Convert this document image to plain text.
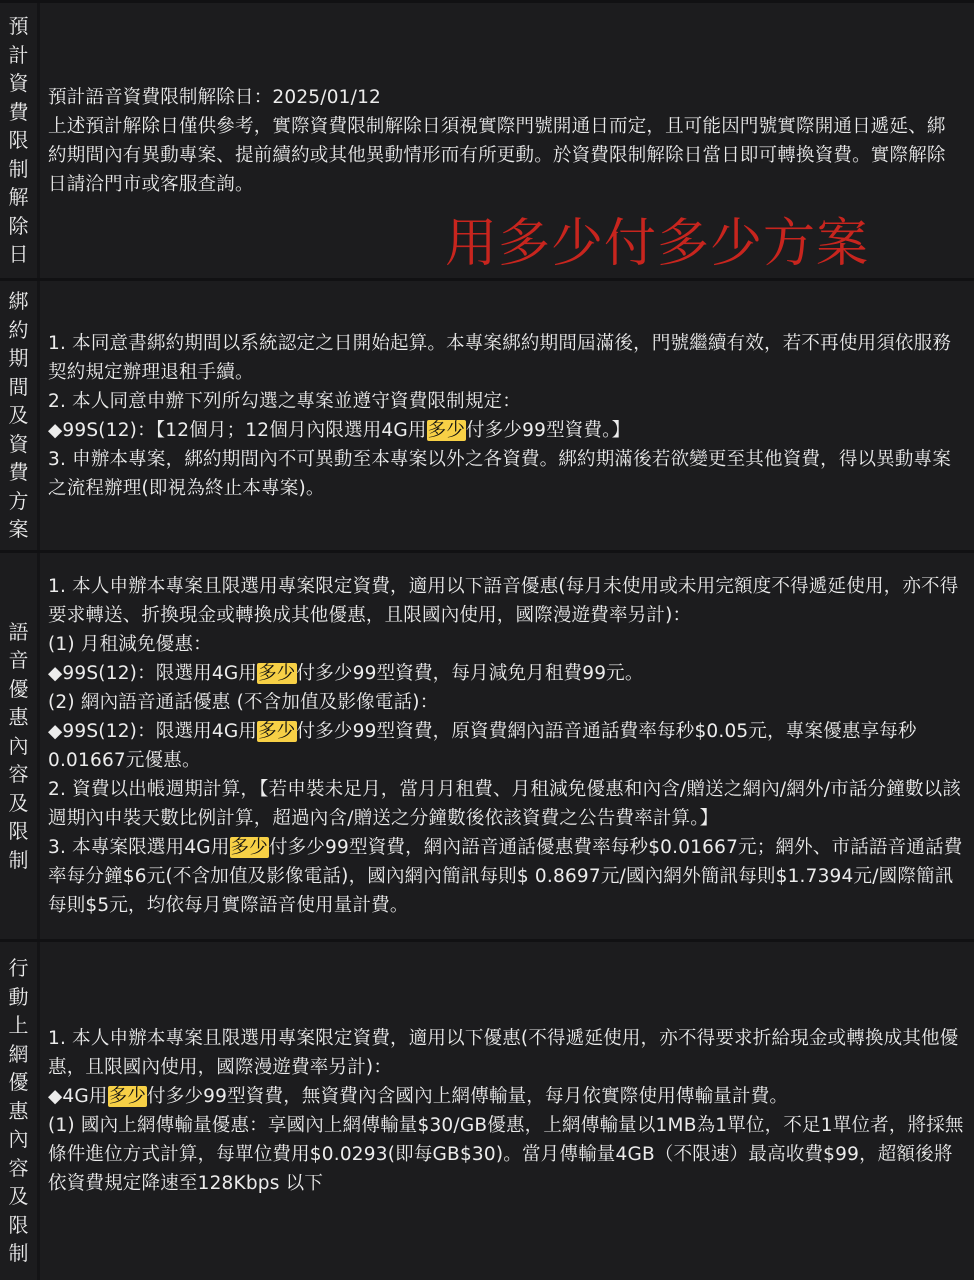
預
計
資
費
限
制
解
除
日

預計語音資費限制解除日：2025/01/12

上述預計解除日僅供參考，實際資費限制解除日須視實際門號開通日而定，且可能因門號實際開通日遞延、綁約期間內有異動專案、提前續約或其他異動情形而有所更動。於資費限制解除日當日即可轉換資費。實際解除日請洽門市或客服查詢。

綁
約
期
間
及
資
費
方
案

1. 本同意書綁約期間以系統認定之日開始起算。本專案綁約期間屆滿後，門號繼續有效，若不再使用須依服務契約規定辦理退租手續。

2. 本人同意申辦下列所勾選之專案並遵守資費限制規定：

◆99S(12)：【12個月；12個月內限選用4G用多少付多少99型資費。】

3. 申辦本專案，綁約期間內不可異動至本專案以外之各資費。綁約期滿後若欲變更至其他資費，得以異動專案之流程辦理(即視為終止本專案)。

語
音
優
惠
內
容
及
限
制

1. 本人申辦本專案且限選用專案限定資費，適用以下語音優惠(每月未使用或未用完額度不得遞延使用，亦不得要求轉送、折換現金或轉換成其他優惠，且限國內使用，國際漫遊費率另計)：

(1) 月租減免優惠：

◆99S(12)：限選用4G用多少付多少99型資費，每月減免月租費99元。

(2) 網內語音通話優惠 (不含加值及影像電話)：

◆99S(12)：限選用4G用多少付多少99型資費，原資費網內語音通話費率每秒$0.05元，專案優惠享每秒0.01667元優惠。

2. 資費以出帳週期計算，【若申裝未足月，當月月租費、月租減免優惠和內含/贈送之網內/網外/市話分鐘數以該週期內申裝天數比例計算，超過內含/贈送之分鐘數後依該資費之公告費率計算。】

3. 本專案限選用4G用多少付多少99型資費，網內語音通話優惠費率每秒$0.01667元；網外、市話語音通話費率每分鐘$6元(不含加值及影像電話)，國內網內簡訊每則$ 0.8697元/國內網外簡訊每則$1.7394元/國際簡訊每則$5元，均依每月實際語音使用量計費。

行
動
上
網
優
惠
內
容
及
限
制

1. 本人申辦本專案且限選用專案限定資費，適用以下優惠(不得遞延使用，亦不得要求折給現金或轉換成其他優惠，且限國內使用，國際漫遊費率另計)：

◆4G用多少付多少99型資費，無資費內含國內上網傳輸量，每月依實際使用傳輸量計費。

(1) 國內上網傳輸量優惠：享國內上網傳輸量$30/GB優惠，上網傳輸量以1MB為1單位，不足1單位者，將採無條件進位方式計算，每單位費用$0.0293(即每GB$30)。當月傳輸量4GB（不限速）最高收費$99，超額後將依資費規定降速至128Kbps 以下

用多少付多少方案
